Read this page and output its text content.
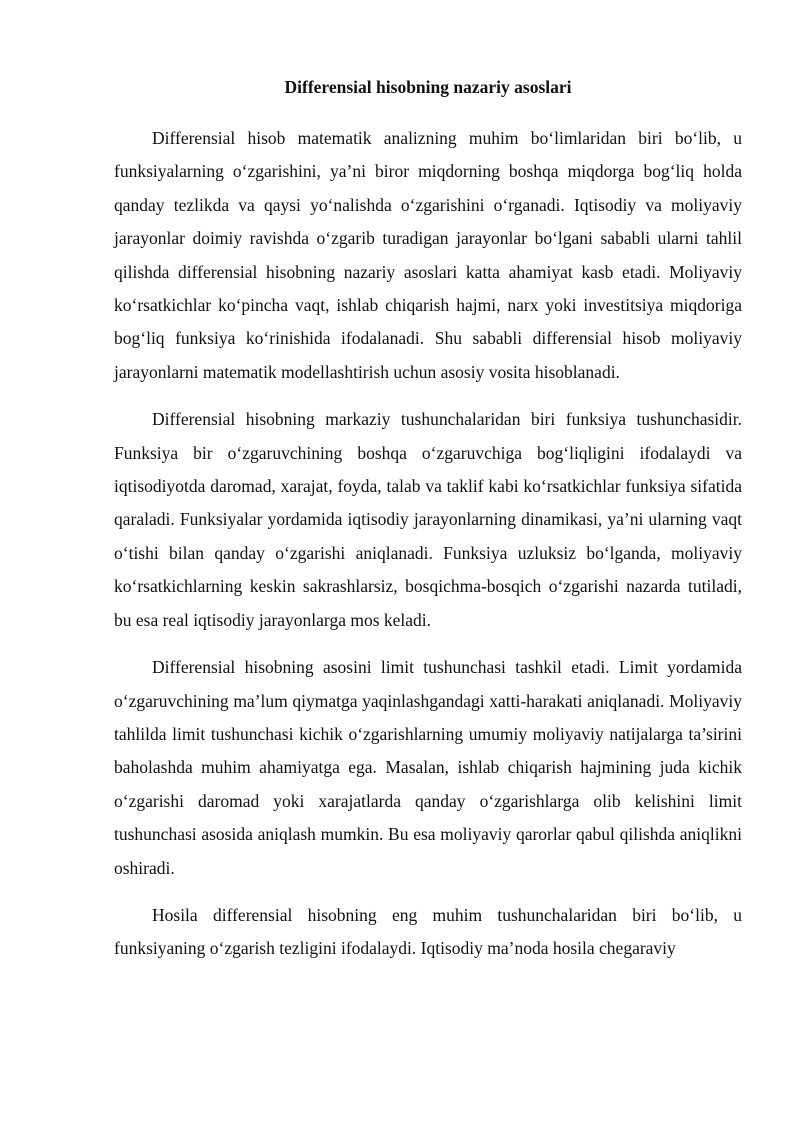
Differensial hisobning nazariy asoslari

Differensial hisob matematik analizning muhim bo‘limlaridan biri bo‘lib, u funksiyalarning o‘zgarishini, ya’ni biror miqdorning boshqa miqdorga bog‘liq holda qanday tezlikda va qaysi yo‘nalishda o‘zgarishini o‘rganadi. Iqtisodiy va moliyaviy jarayonlar doimiy ravishda o‘zgarib turadigan jarayonlar bo‘lgani sababli ularni tahlil qilishda differensial hisobning nazariy asoslari katta ahamiyat kasb etadi. Moliyaviy ko‘rsatkichlar ko‘pincha vaqt, ishlab chiqarish hajmi, narx yoki investitsiya miqdoriga bog‘liq funksiya ko‘rinishida ifodalanadi. Shu sababli differensial hisob moliyaviy jarayonlarni matematik modellashtirish uchun asosiy vosita hisoblanadi.

Differensial hisobning markaziy tushunchalaridan biri funksiya tushunchasidir. Funksiya bir o‘zgaruvchining boshqa o‘zgaruvchiga bog‘liqligini ifodalaydi va iqtisodiyotda daromad, xarajat, foyda, talab va taklif kabi ko‘rsatkichlar funksiya sifatida qaraladi. Funksiyalar yordamida iqtisodiy jarayonlarning dinamikasi, ya’ni ularning vaqt o‘tishi bilan qanday o‘zgarishi aniqlanadi. Funksiya uzluksiz bo‘lganda, moliyaviy ko‘rsatkichlarning keskin sakrashlarsiz, bosqichma-bosqich o‘zgarishi nazarda tutiladi, bu esa real iqtisodiy jarayonlarga mos keladi.

Differensial hisobning asosini limit tushunchasi tashkil etadi. Limit yordamida o‘zgaruvchining ma’lum qiymatga yaqinlashgandagi xatti-harakati aniqlanadi. Moliyaviy tahlilda limit tushunchasi kichik o‘zgarishlarning umumiy moliyaviy natijalarga ta’sirini baholashda muhim ahamiyatga ega. Masalan, ishlab chiqarish hajmining juda kichik o‘zgarishi daromad yoki xarajatlarda qanday o‘zgarishlarga olib kelishini limit tushunchasi asosida aniqlash mumkin. Bu esa moliyaviy qarorlar qabul qilishda aniqlikni oshiradi.

Hosila differensial hisobning eng muhim tushunchalaridan biri bo‘lib, u funksiyaning o‘zgarish tezligini ifodalaydi. Iqtisodiy ma’noda hosila chegaraviy
